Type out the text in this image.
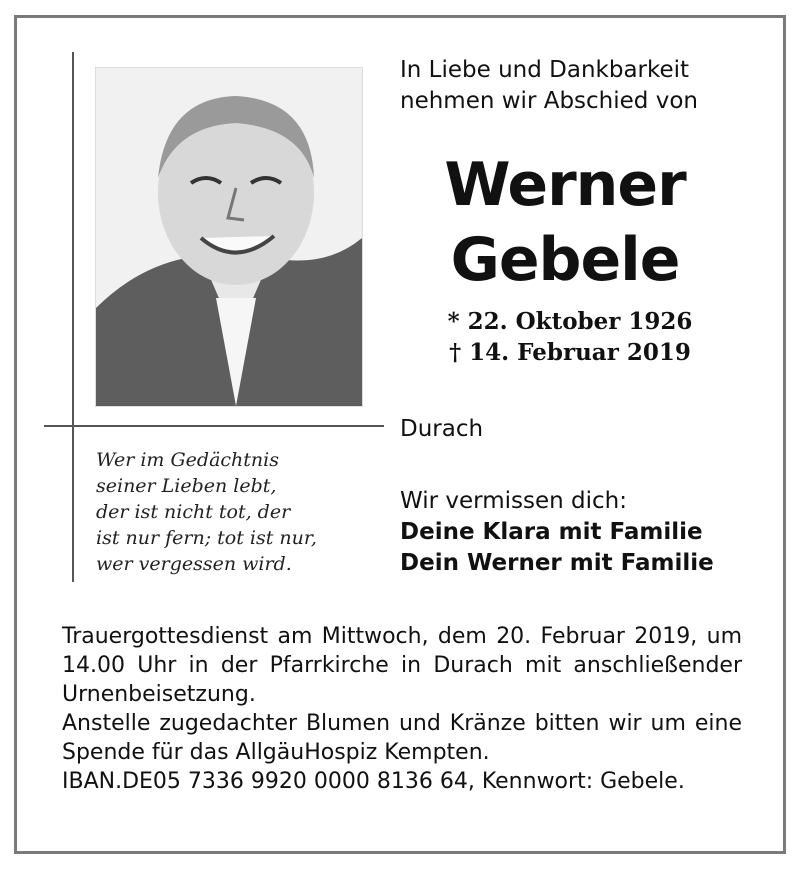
In Liebe und Dankbarkeit
nehmen wir Abschied von
Werner
Gebele
* 22. Oktober 1926
† 14. Februar 2019
Durach
Wir vermissen dich:
Deine Klara mit Familie
Dein Werner mit Familie
Wer im Gedächtnis
seiner Lieben lebt,
der ist nicht tot, der
ist nur fern; tot ist nur,
wer vergessen wird.
Trauergottesdienst am Mittwoch, dem 20. Februar 2019, um 14.00 Uhr in der Pfarrkirche in Durach mit anschließender Urnenbeisetzung.
Anstelle zugedachter Blumen und Kränze bitten wir um eine Spende für das AllgäuHospiz Kempten.
IBAN.DE05 7336 9920 0000 8136 64, Kennwort: Gebele.
